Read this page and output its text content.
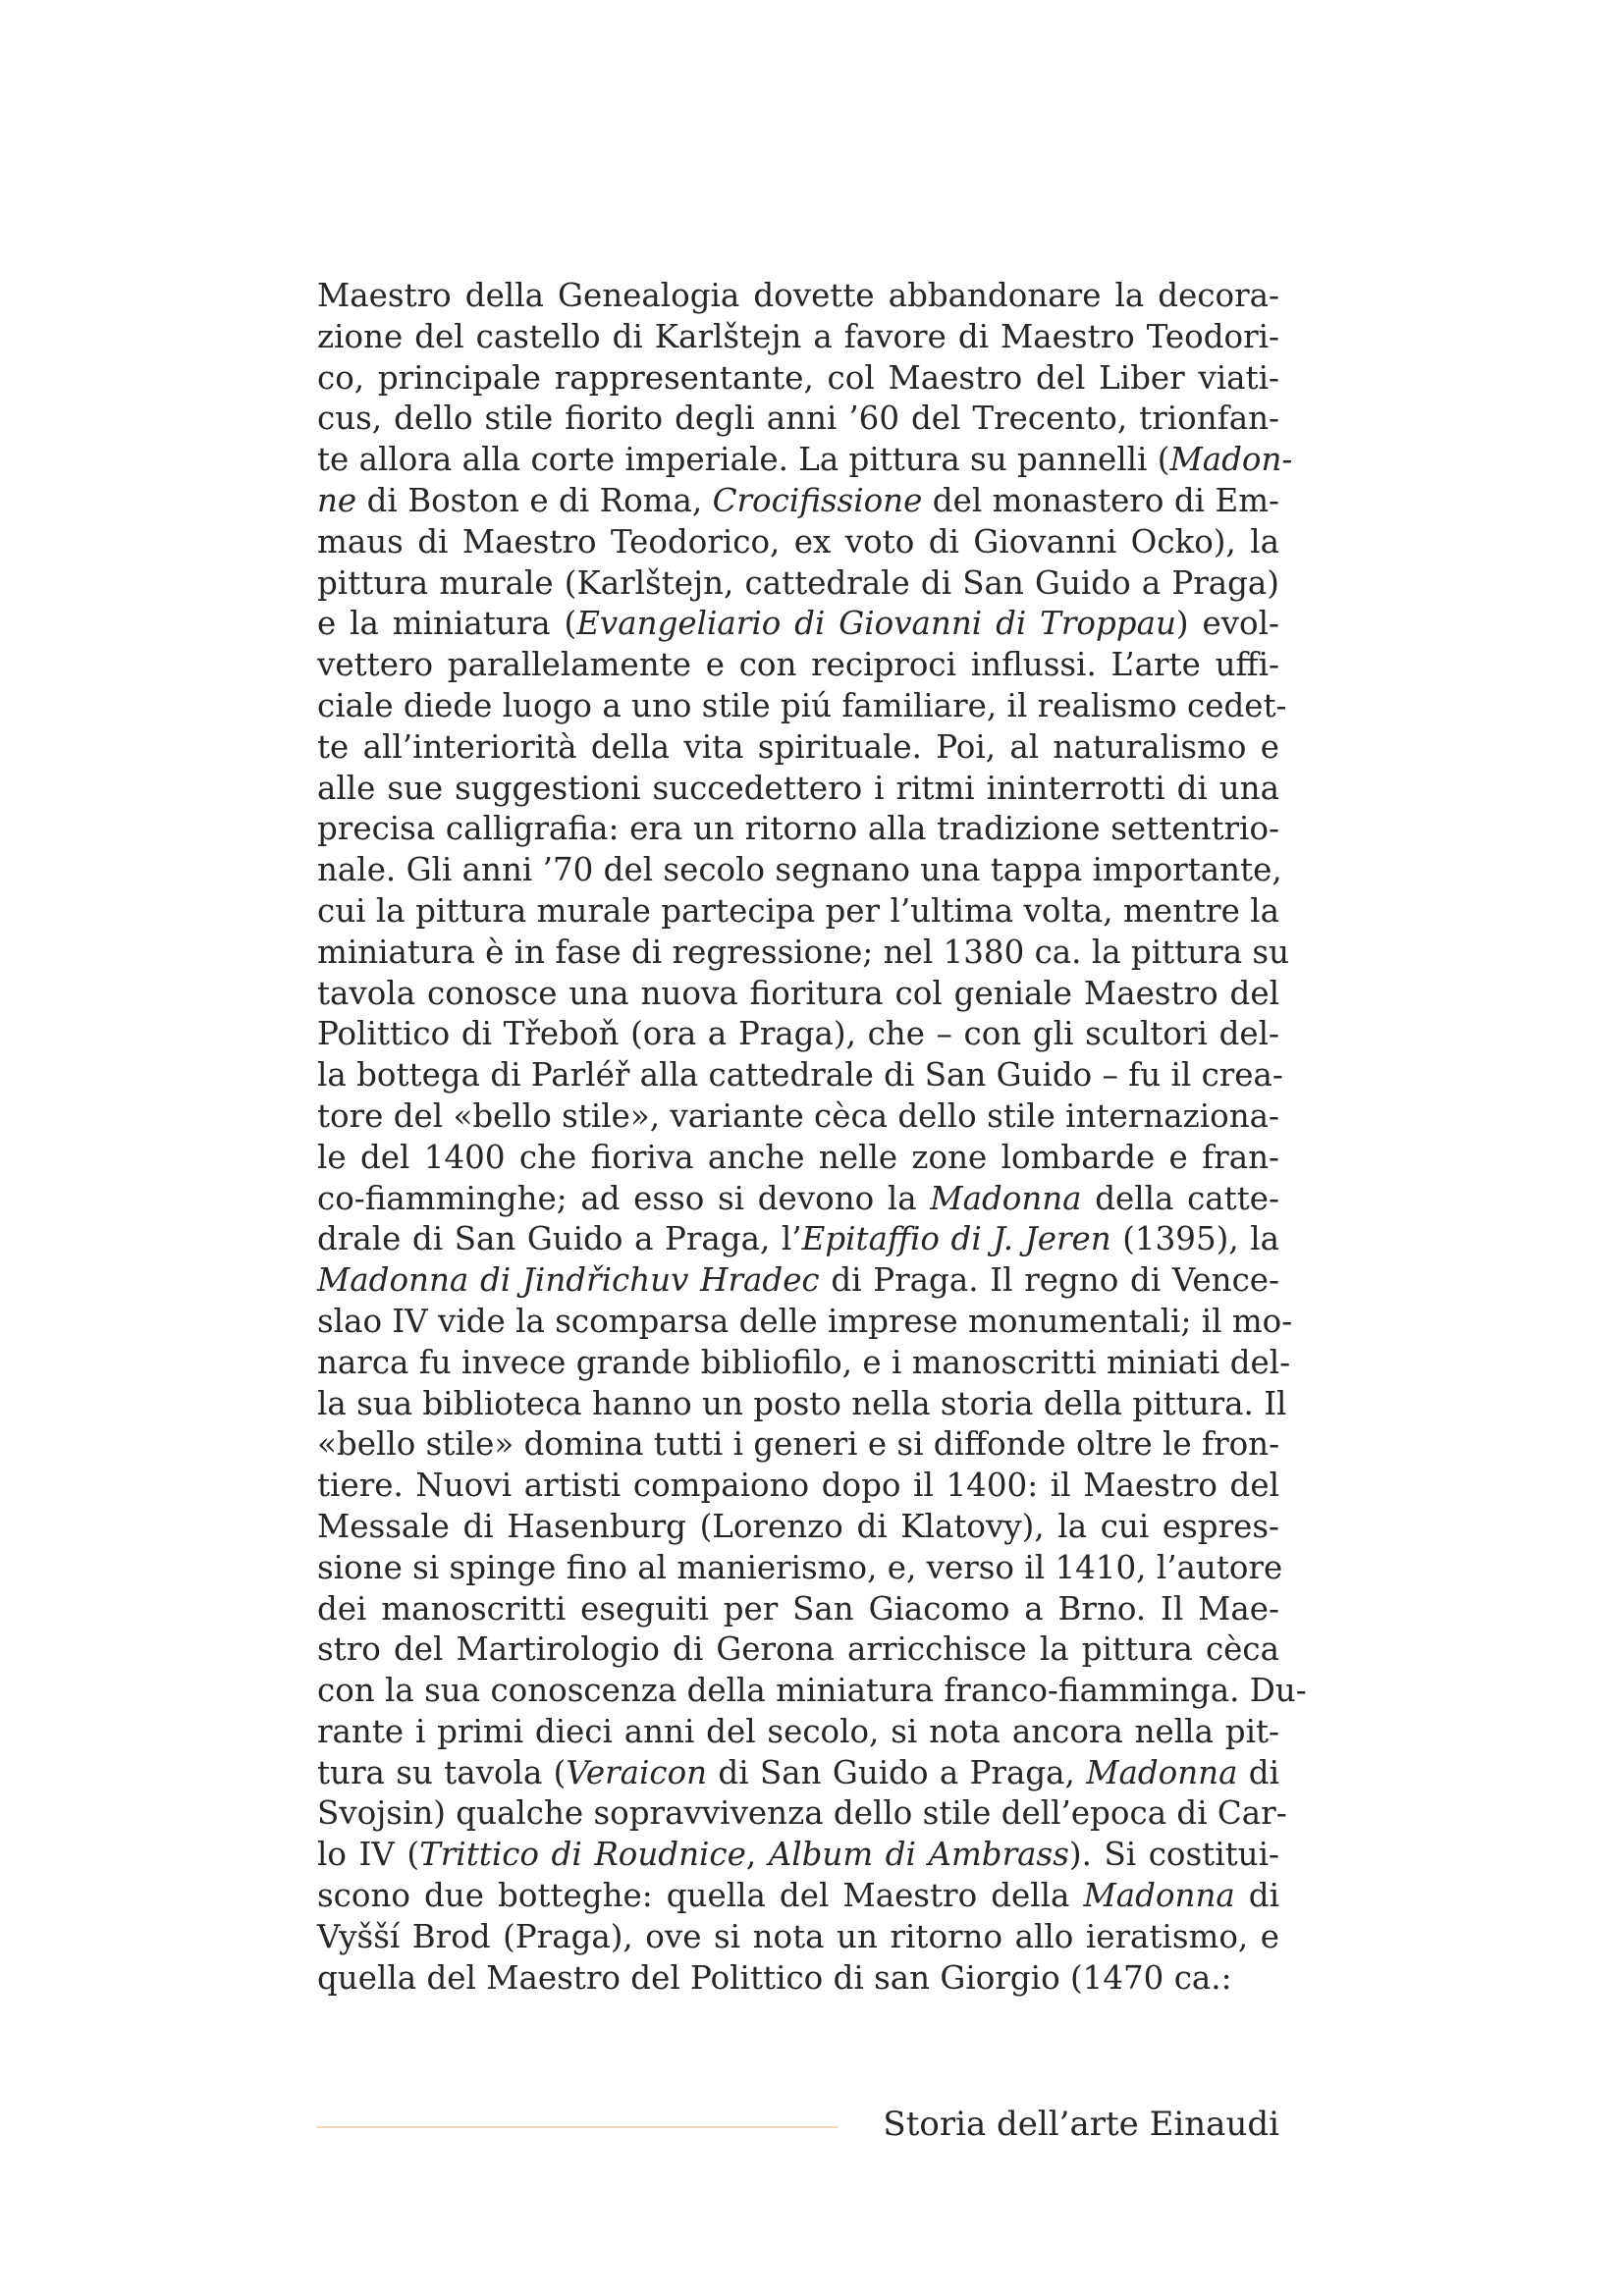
Maestro della Genealogia dovette abbandonare la decora-
zione del castello di Karlštejn a favore di Maestro Teodori-
co, principale rappresentante, col Maestro del Liber viati-
cus, dello stile fiorito degli anni ’60 del Trecento, trionfan-
te allora alla corte imperiale. La pittura su pannelli (Madon-
ne di Boston e di Roma, Crocifissione del monastero di Em-
maus di Maestro Teodorico, ex voto di Giovanni Ocko), la
pittura murale (Karlštejn, cattedrale di San Guido a Praga)
e la miniatura (Evangeliario di Giovanni di Troppau) evol-
vettero parallelamente e con reciproci influssi. L’arte uffi-
ciale diede luogo a uno stile piú familiare, il realismo cedet-
te all’interiorità della vita spirituale. Poi, al naturalismo e
alle sue suggestioni succedettero i ritmi ininterrotti di una
precisa calligrafia: era un ritorno alla tradizione settentrio-
nale. Gli anni ’70 del secolo segnano una tappa importante,
cui la pittura murale partecipa per l’ultima volta, mentre la
miniatura è in fase di regressione; nel 1380 ca. la pittura su
tavola conosce una nuova fioritura col geniale Maestro del
Polittico di Třeboň (ora a Praga), che – con gli scultori del-
la bottega di Parléř alla cattedrale di San Guido – fu il crea-
tore del «bello stile», variante cèca dello stile internaziona-
le del 1400 che fioriva anche nelle zone lombarde e fran-
co-fiamminghe; ad esso si devono la Madonna della catte-
drale di San Guido a Praga, l’Epitaffio di J. Jeren (1395), la
Madonna di Jindřichuv Hradec di Praga. Il regno di Vence-
slao IV vide la scomparsa delle imprese monumentali; il mo-
narca fu invece grande bibliofilo, e i manoscritti miniati del-
la sua biblioteca hanno un posto nella storia della pittura. Il
«bello stile» domina tutti i generi e si diffonde oltre le fron-
tiere. Nuovi artisti compaiono dopo il 1400: il Maestro del
Messale di Hasenburg (Lorenzo di Klatovy), la cui espres-
sione si spinge fino al manierismo, e, verso il 1410, l’autore
dei manoscritti eseguiti per San Giacomo a Brno. Il Mae-
stro del Martirologio di Gerona arricchisce la pittura cèca
con la sua conoscenza della miniatura franco-fiamminga. Du-
rante i primi dieci anni del secolo, si nota ancora nella pit-
tura su tavola (Veraicon di San Guido a Praga, Madonna di
Svojsin) qualche sopravvivenza dello stile dell’epoca di Car-
lo IV (Trittico di Roudnice, Album di Ambrass). Si costitui-
scono due botteghe: quella del Maestro della Madonna di
Vyšší Brod (Praga), ove si nota un ritorno allo ieratismo, e
quella del Maestro del Polittico di san Giorgio (1470 ca.:
Storia dell’arte Einaudi
